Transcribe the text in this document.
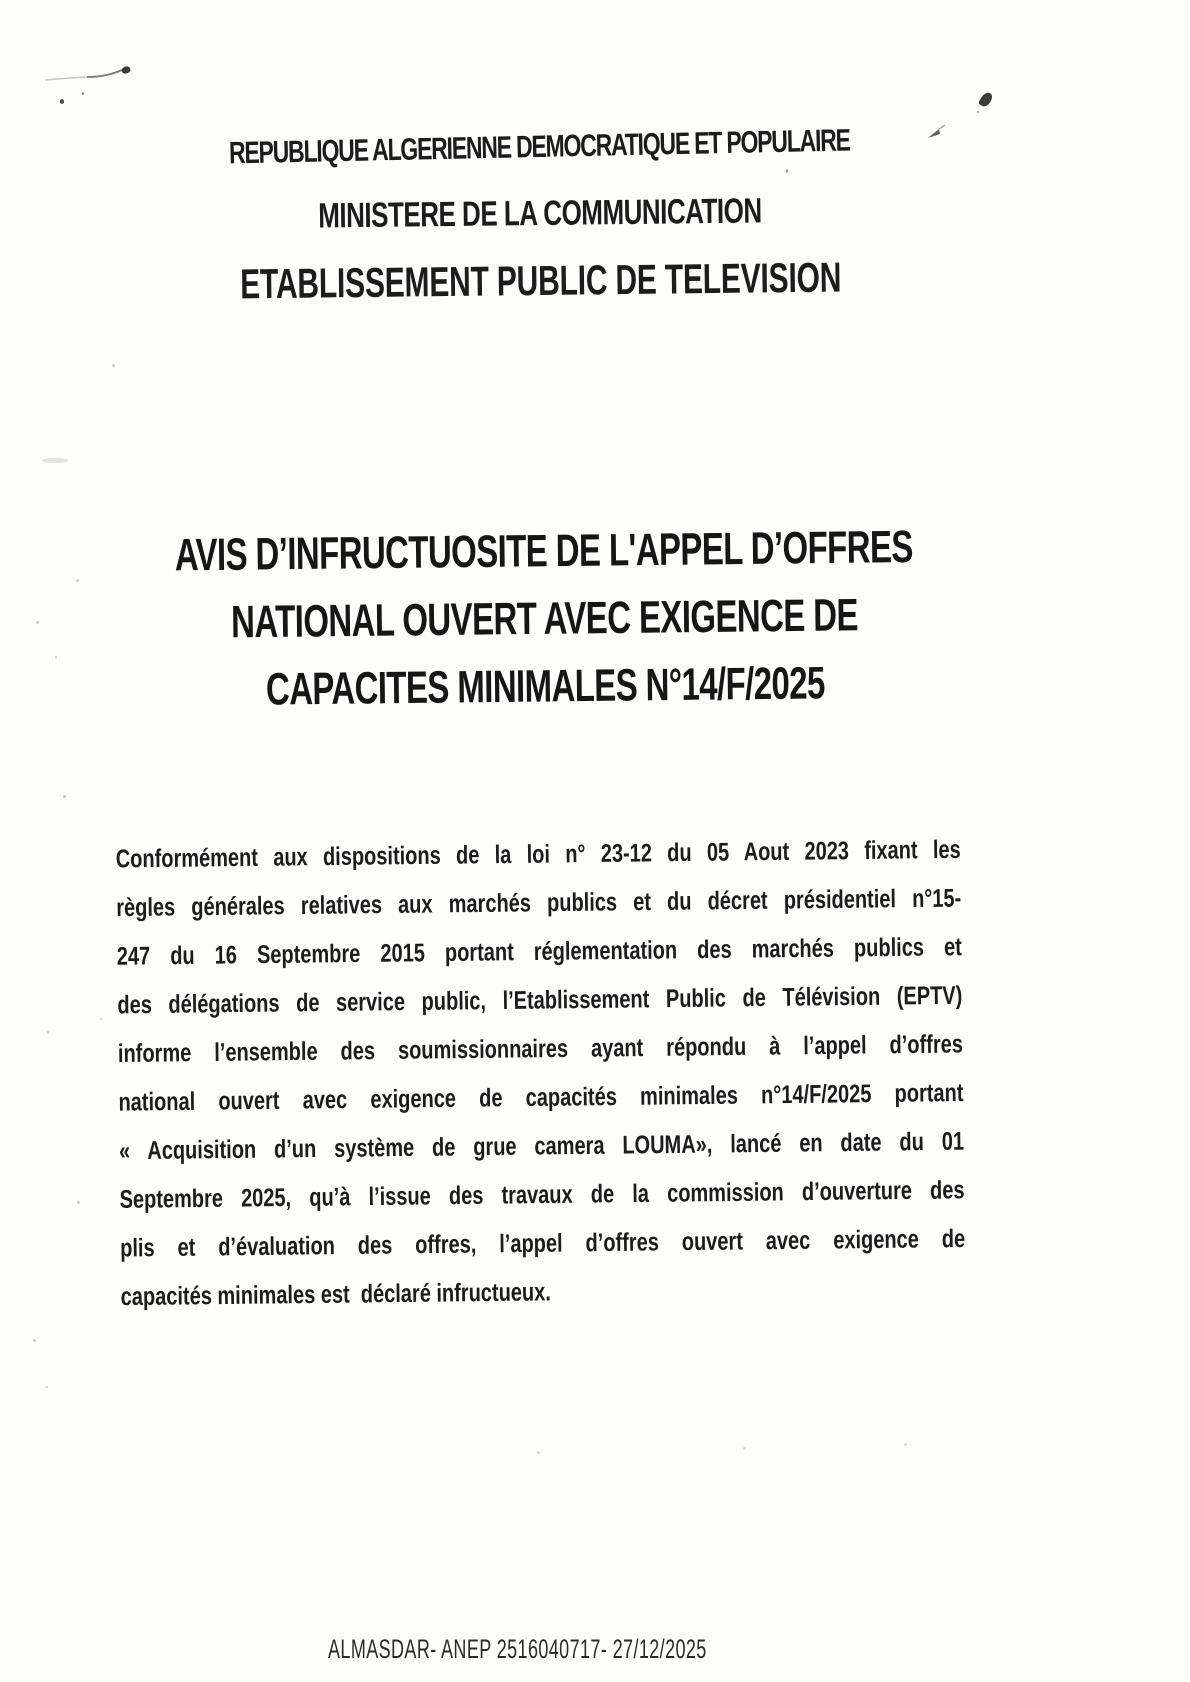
REPUBLIQUE ALGERIENNE DEMOCRATIQUE ET POPULAIRE
MINISTERE DE LA COMMUNICATION
ETABLISSEMENT PUBLIC DE TELEVISION
AVIS D’INFRUCTUOSITE DE L'APPEL D’OFFRES
NATIONAL OUVERT AVEC EXIGENCE DE
CAPACITES MINIMALES N°14/F/2025
Conformément aux dispositions de la loi n° 23-12 du 05 Aout 2023 fixant les
règles générales relatives aux marchés publics et du décret présidentiel n°15-
247 du 16 Septembre 2015 portant réglementation des marchés publics et
des délégations de service public, l’Etablissement Public de Télévision (EPTV)
informe l’ensemble des soumissionnaires ayant répondu à l’appel d’offres
national ouvert avec exigence de capacités minimales n°14/F/2025 portant
« Acquisition d’un système de grue camera LOUMA», lancé en date du 01
Septembre 2025, qu’à l’issue des travaux de la commission d’ouverture des
plis et d’évaluation des offres, l’appel d’offres ouvert avec exigence de
capacités minimales est  déclaré infructueux.
ALMASDAR- ANEP 2516040717- 27/12/2025
